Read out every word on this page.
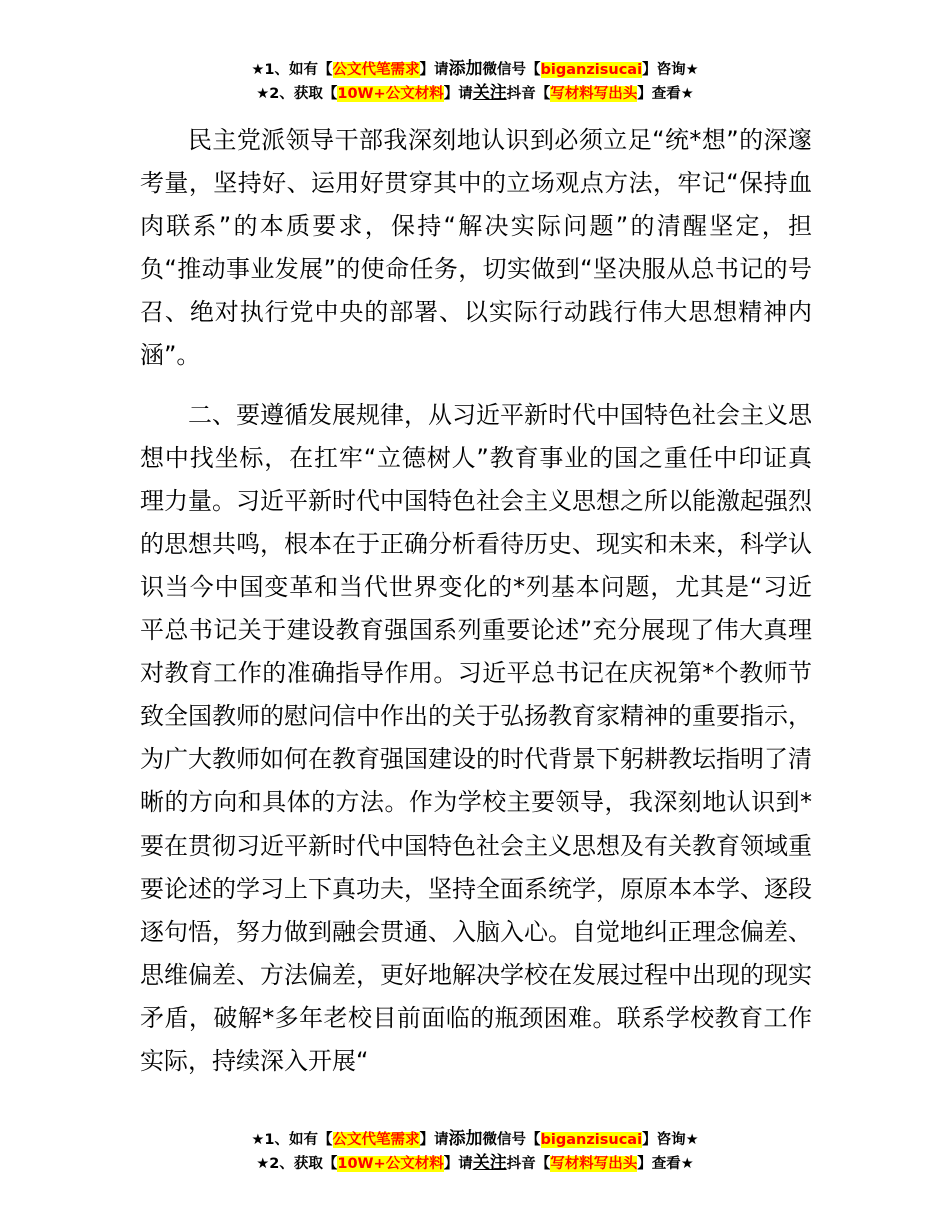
★1、如有【公文代笔需求】请添加微信号【biganzisucai】咨询★
★2、获取【10W+公文材料】请关注抖音【写材料写出头】查看★

民主党派领导干部我深刻地认识到必须立足“统*想”的深邃考量，坚持好、运用好贯穿其中的立场观点方法，牢记“保持血肉联系”的本质要求，保持“解决实际问题”的清醒坚定，担负“推动事业发展”的使命任务，切实做到“坚决服从总书记的号召、绝对执行党中央的部署、以实际行动践行伟大思想精神内涵”。

二、要遵循发展规律，从习近平新时代中国特色社会主义思想中找坐标，在扛牢“立德树人”教育事业的国之重任中印证真理力量。习近平新时代中国特色社会主义思想之所以能激起强烈的思想共鸣，根本在于正确分析看待历史、现实和未来，科学认识当今中国变革和当代世界变化的*列基本问题，尤其是“习近平总书记关于建设教育强国系列重要论述”充分展现了伟大真理对教育工作的准确指导作用。习近平总书记在庆祝第*个教师节致全国教师的慰问信中作出的关于弘扬教育家精神的重要指示，为广大教师如何在教育强国建设的时代背景下躬耕教坛指明了清晰的方向和具体的方法。作为学校主要领导，我深刻地认识到*要在贯彻习近平新时代中国特色社会主义思想及有关教育领域重要论述的学习上下真功夫，坚持全面系统学，原原本本学、逐段逐句悟，努力做到融会贯通、入脑入心。自觉地纠正理念偏差、思维偏差、方法偏差，更好地解决学校在发展过程中出现的现实矛盾，破解*多年老校目前面临的瓶颈困难。联系学校教育工作实际，持续深入开展“

★1、如有【公文代笔需求】请添加微信号【biganzisucai】咨询★
★2、获取【10W+公文材料】请关注抖音【写材料写出头】查看★
